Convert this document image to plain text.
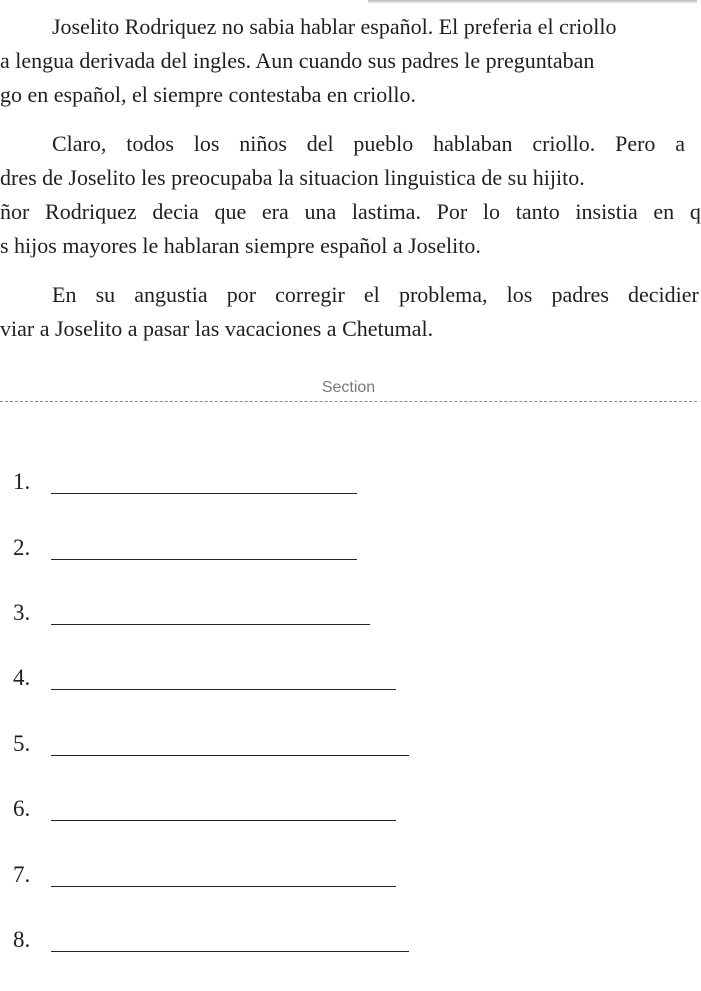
Joselito Rodriquez no sabia hablar español. El preferia el criollo
a lengua derivada del ingles. Aun cuando sus padres le preguntaban
go en español, el siempre contestaba en criollo.
Claro, todos los niños del pueblo hablaban criollo. Pero a
dres de Joselito les preocupaba la situacion linguistica de su hijito.
ñor Rodriquez decia que era una lastima. Por lo tanto insistia en q
s hijos mayores le hablaran siempre español a Joselito.
En su angustia por corregir el problema, los padres decidier
viar a Joselito a pasar las vacaciones a Chetumal.
Section
1.
2.
3.
4.
5.
6.
7.
8.
